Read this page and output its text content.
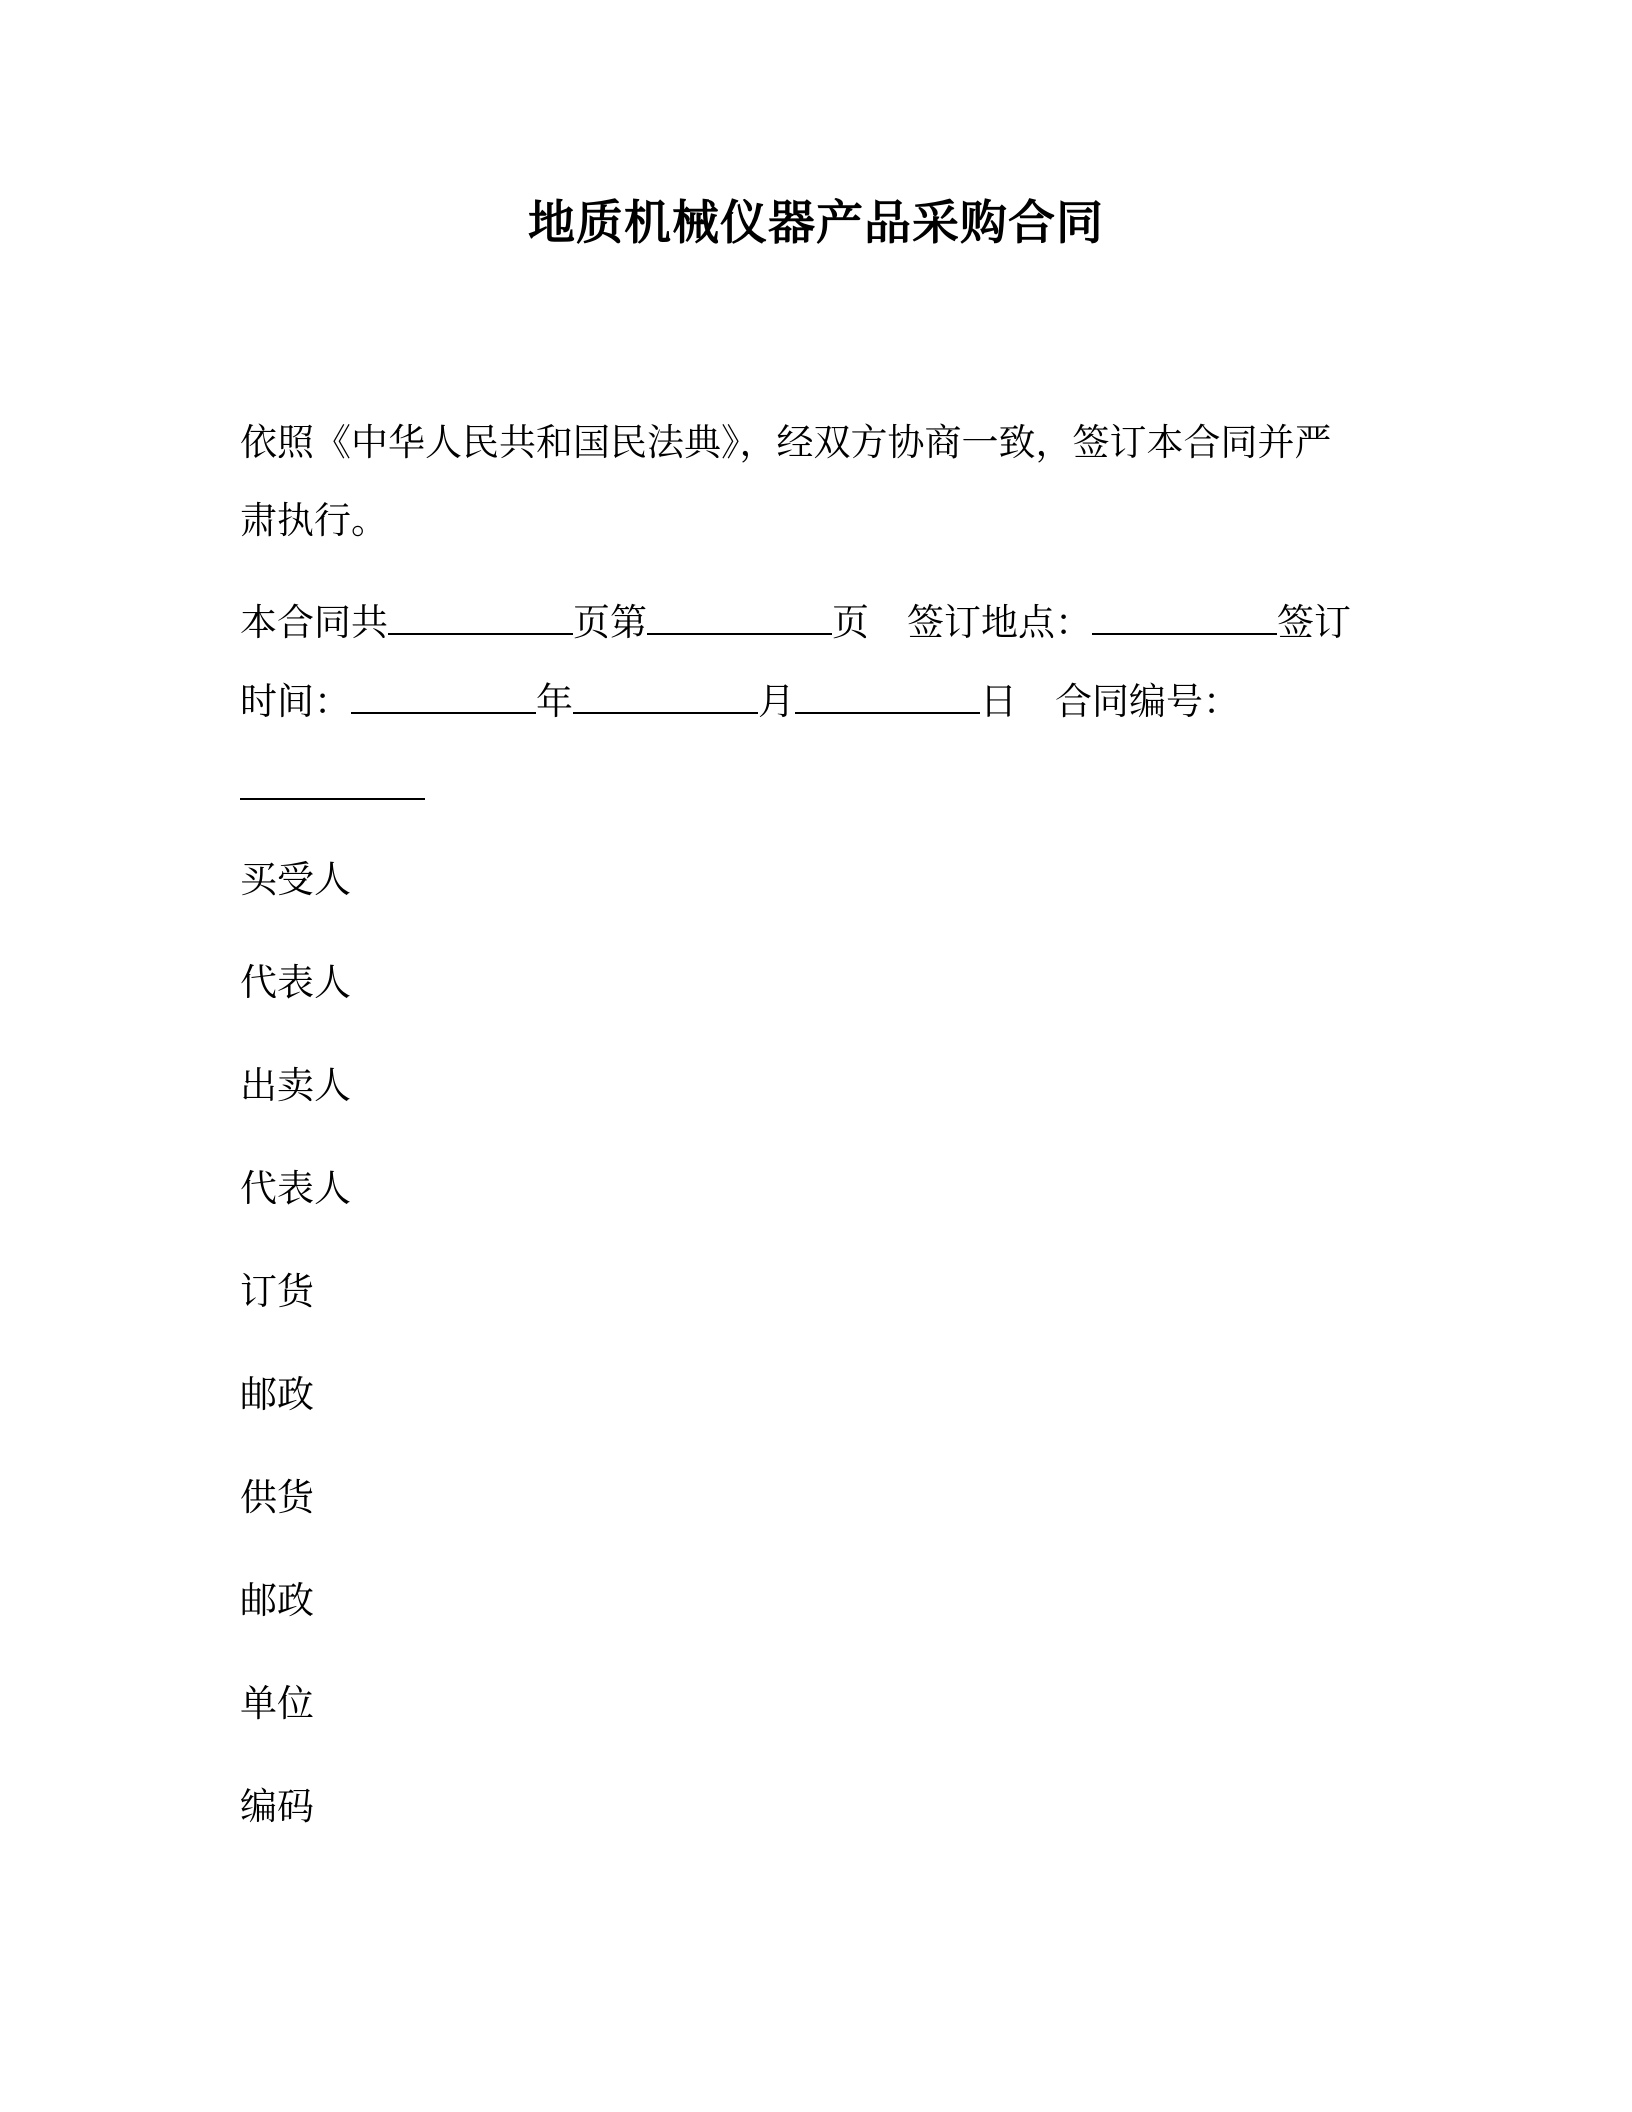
地质机械仪器产品采购合同
依照《中华人民共和国民法典》，经双方协商一致，签订本合同并严
肃执行。
本合同共	页第	页 签订地点：	签订
时间：	年	月	日 合同编号：
买受人
代表人
出卖人
代表人
订货
邮政
供货
邮政
单位
编码
